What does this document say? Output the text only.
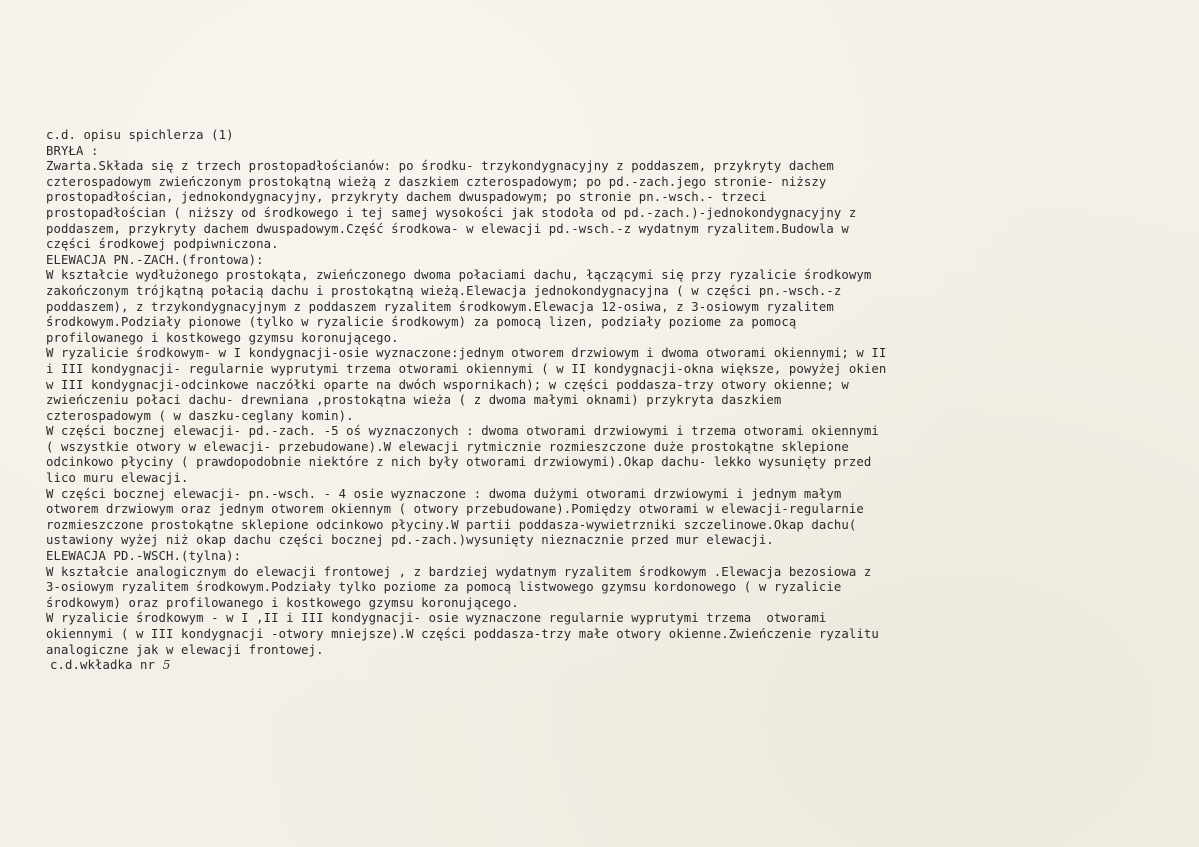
c.d. opisu spichlerza (1)
BRYŁA :
Zwarta.Składa się z trzech prostopadłościanów: po środku- trzykondygnacyjny z poddaszem, przykryty dachem
czterospadowym zwieńczonym prostokątną wieżą z daszkiem czterospadowym; po pd.-zach.jego stronie- niższy
prostopadłościan, jednokondygnacyjny, przykryty dachem dwuspadowym; po stronie pn.-wsch.- trzeci
prostopadłościan ( niższy od środkowego i tej samej wysokości jak stodoła od pd.-zach.)-jednokondygnacyjny z
poddaszem, przykryty dachem dwuspadowym.Część środkowa- w elewacji pd.-wsch.-z wydatnym ryzalitem.Budowla w
części środkowej podpiwniczona.
ELEWACJA PN.-ZACH.(frontowa):
W kształcie wydłużonego prostokąta, zwieńczonego dwoma połaciami dachu, łączącymi się przy ryzalicie środkowym
zakończonym trójkątną połacią dachu i prostokątną wieżą.Elewacja jednokondygnacyjna ( w części pn.-wsch.-z
poddaszem), z trzykondygnacyjnym z poddaszem ryzalitem środkowym.Elewacja 12-osiwa, z 3-osiowym ryzalitem
środkowym.Podziały pionowe (tylko w ryzalicie środkowym) za pomocą lizen, podziały poziome za pomocą
profilowanego i kostkowego gzymsu koronującego.
W ryzalicie środkowym- w I kondygnacji-osie wyznaczone:jednym otworem drzwiowym i dwoma otworami okiennymi; w II
i III kondygnacji- regularnie wyprutymi trzema otworami okiennymi ( w II kondygnacji-okna większe, powyżej okien
w III kondygnacji-odcinkowe naczółki oparte na dwóch wspornikach); w części poddasza-trzy otwory okienne; w
zwieńczeniu połaci dachu- drewniana ,prostokątna wieża ( z dwoma małymi oknami) przykryta daszkiem
czterospadowym ( w daszku-ceglany komin).
W części bocznej elewacji- pd.-zach. -5 oś wyznaczonych : dwoma otworami drzwiowymi i trzema otworami okiennymi
( wszystkie otwory w elewacji- przebudowane).W elewacji rytmicznie rozmieszczone duże prostokątne sklepione
odcinkowo płyciny ( prawdopodobnie niektóre z nich były otworami drzwiowymi).Okap dachu- lekko wysunięty przed
lico muru elewacji.
W części bocznej elewacji- pn.-wsch. - 4 osie wyznaczone : dwoma dużymi otworami drzwiowymi i jednym małym
otworem drzwiowym oraz jednym otworem okiennym ( otwory przebudowane).Pomiędzy otworami w elewacji-regularnie
rozmieszczone prostokątne sklepione odcinkowo płyciny.W partii poddasza-wywietrzniki szczelinowe.Okap dachu(
ustawiony wyżej niż okap dachu części bocznej pd.-zach.)wysunięty nieznacznie przed mur elewacji.
ELEWACJA PD.-WSCH.(tylna):
W kształcie analogicznym do elewacji frontowej , z bardziej wydatnym ryzalitem środkowym .Elewacja bezosiowa z
3-osiowym ryzalitem środkowym.Podziały tylko poziome za pomocą listwowego gzymsu kordonowego ( w ryzalicie
środkowym) oraz profilowanego i kostkowego gzymsu koronującego.
W ryzalicie środkowym - w I ,II i III kondygnacji- osie wyznaczone regularnie wyprutymi trzema  otworami
okiennymi ( w III kondygnacji -otwory mniejsze).W części poddasza-trzy małe otwory okienne.Zwieńczenie ryzalitu
analogiczne jak w elewacji frontowej.
c.d.wkładka nr 5
